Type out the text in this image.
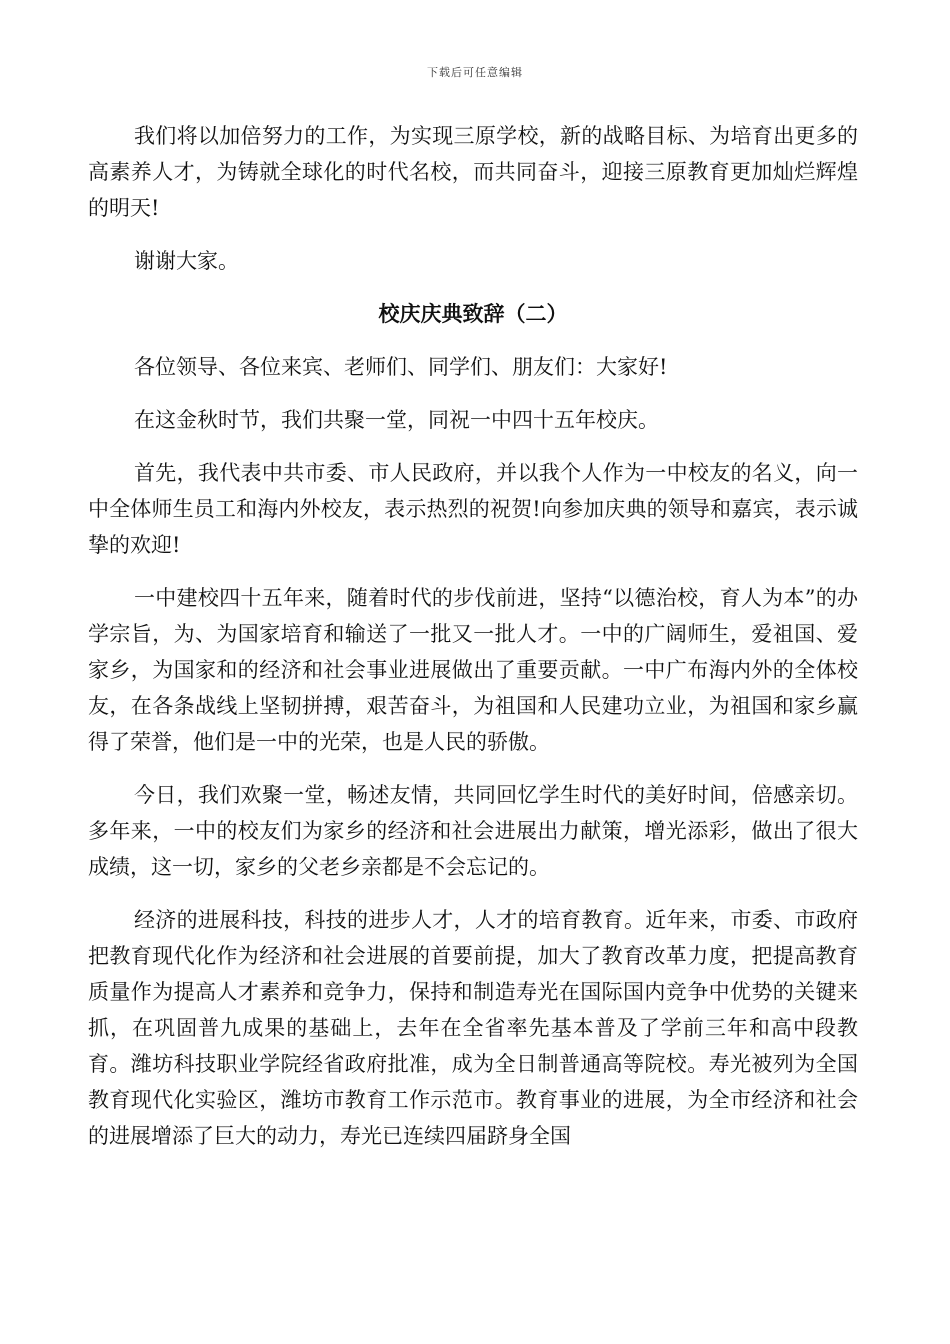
下载后可任意编辑

我们将以加倍努力的工作，为实现三原学校，新的战略目标、为培育出更多的高素养人才，为铸就全球化的时代名校，而共同奋斗，迎接三原教育更加灿烂辉煌的明天!

谢谢大家。

校庆庆典致辞（二）

各位领导、各位来宾、老师们、同学们、朋友们：大家好!

在这金秋时节，我们共聚一堂，同祝一中四十五年校庆。

首先，我代表中共市委、市人民政府，并以我个人作为一中校友的名义，向一中全体师生员工和海内外校友，表示热烈的祝贺!向参加庆典的领导和嘉宾，表示诚挚的欢迎!

一中建校四十五年来，随着时代的步伐前进，坚持“以德治校，育人为本”的办学宗旨，为、为国家培育和输送了一批又一批人才。一中的广阔师生，爱祖国、爱家乡，为国家和的经济和社会事业进展做出了重要贡献。一中广布海内外的全体校友，在各条战线上坚韧拼搏，艰苦奋斗，为祖国和人民建功立业，为祖国和家乡赢得了荣誉，他们是一中的光荣，也是人民的骄傲。

今日，我们欢聚一堂，畅述友情，共同回忆学生时代的美好时间，倍感亲切。多年来，一中的校友们为家乡的经济和社会进展出力献策，增光添彩，做出了很大成绩，这一切，家乡的父老乡亲都是不会忘记的。

经济的进展科技，科技的进步人才，人才的培育教育。近年来，市委、市政府把教育现代化作为经济和社会进展的首要前提，加大了教育改革力度，把提高教育质量作为提高人才素养和竞争力，保持和制造寿光在国际国内竞争中优势的关键来抓，在巩固普九成果的基础上，去年在全省率先基本普及了学前三年和高中段教育。潍坊科技职业学院经省政府批准，成为全日制普通高等院校。寿光被列为全国教育现代化实验区，潍坊市教育工作示范市。教育事业的进展，为全市经济和社会的进展增添了巨大的动力，寿光已连续四届跻身全国
